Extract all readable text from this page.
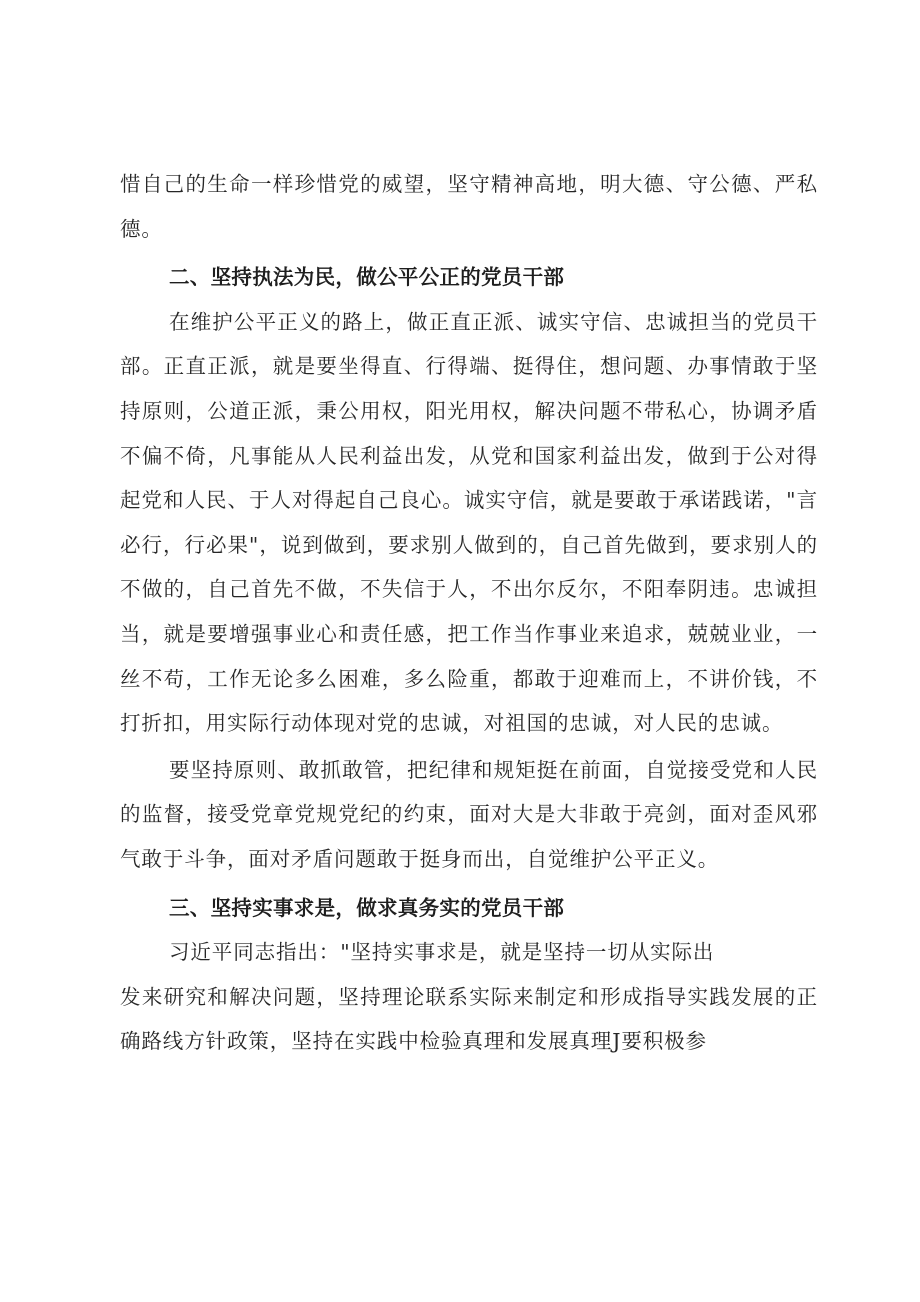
惜自己的生命一样珍惜党的威望，坚守精神高地，明大德、守公德、严私德。

二、坚持执法为民，做公平公正的党员干部

在维护公平正义的路上，做正直正派、诚实守信、忠诚担当的党员干部。正直正派，就是要坐得直、行得端、挺得住，想问题、办事情敢于坚持原则，公道正派，秉公用权，阳光用权，解决问题不带私心，协调矛盾不偏不倚，凡事能从人民利益出发，从党和国家利益出发，做到于公对得起党和人民、于人对得起自己良心。诚实守信，就是要敢于承诺践诺，"言必行，行必果"，说到做到，要求别人做到的，自己首先做到，要求别人的不做的，自己首先不做，不失信于人，不出尔反尔，不阳奉阴违。忠诚担当，就是要增强事业心和责任感，把工作当作事业来追求，兢兢业业，一丝不苟，工作无论多么困难，多么险重，都敢于迎难而上，不讲价钱，不打折扣，用实际行动体现对党的忠诚，对祖国的忠诚，对人民的忠诚。

要坚持原则、敢抓敢管，把纪律和规矩挺在前面，自觉接受党和人民的监督，接受党章党规党纪的约束，面对大是大非敢于亮剑，面对歪风邪气敢于斗争，面对矛盾问题敢于挺身而出，自觉维护公平正义。

三、坚持实事求是，做求真务实的党员干部

习近平同志指出："坚持实事求是，就是坚持一切从实际出

发来研究和解决问题，坚持理论联系实际来制定和形成指导实践发展的正确路线方针政策，坚持在实践中检验真理和发展真理J要积极参
